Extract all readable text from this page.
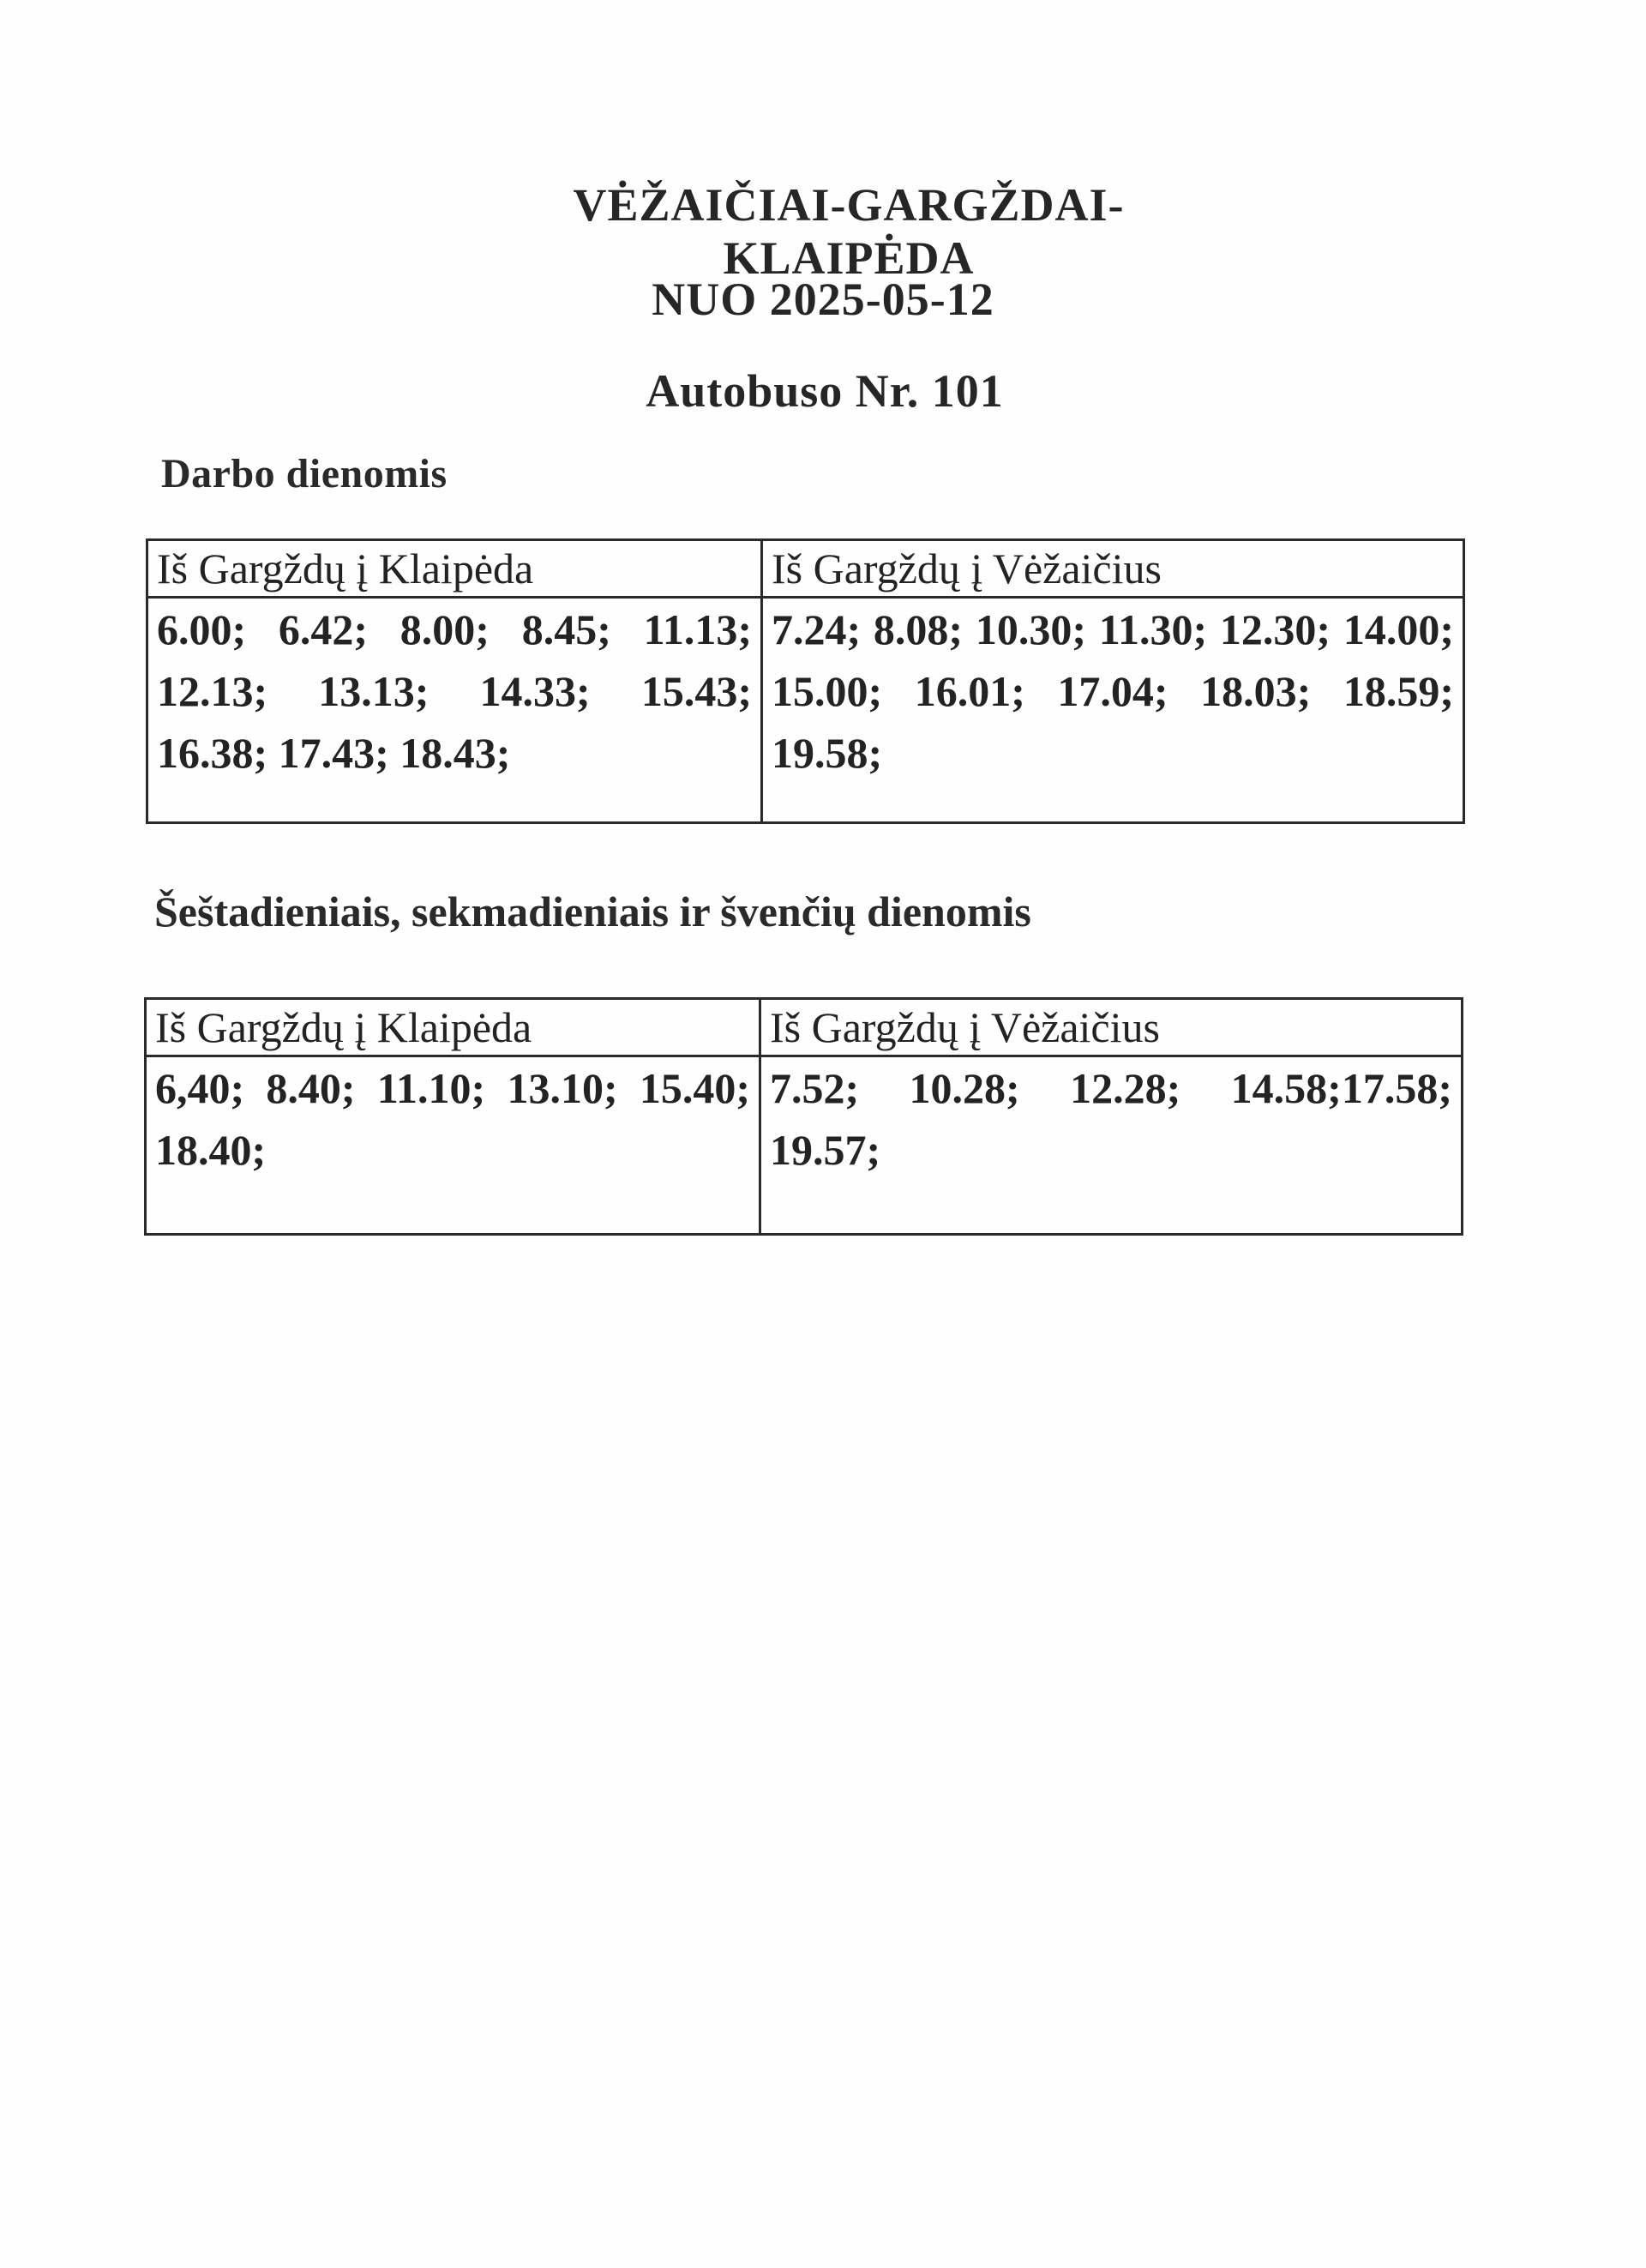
VĖŽAIČIAI-GARGŽDAI-KLAIPĖDA
NUO 2025-05-12
Autobuso Nr. 101
Darbo dienomis
Iš Gargždų į Klaipėda	Iš Gargždų į Vėžaičius
6.00; 6.42; 8.00; 8.45; 11.13; 12.13; 13.13; 14.33; 15.43; 16.38; 17.43; 18.43;	7.24; 8.08; 10.30; 11.30; 12.30; 14.00; 15.00; 16.01; 17.04; 18.03; 18.59; 19.58;
Šeštadieniais, sekmadieniais ir švenčių dienomis
Iš Gargždų į Klaipėda	Iš Gargždų į Vėžaičius
6,40; 8.40; 11.10; 13.10; 15.40; 18.40;	7.52; 10.28; 12.28; 14.58;17.58; 19.57;
